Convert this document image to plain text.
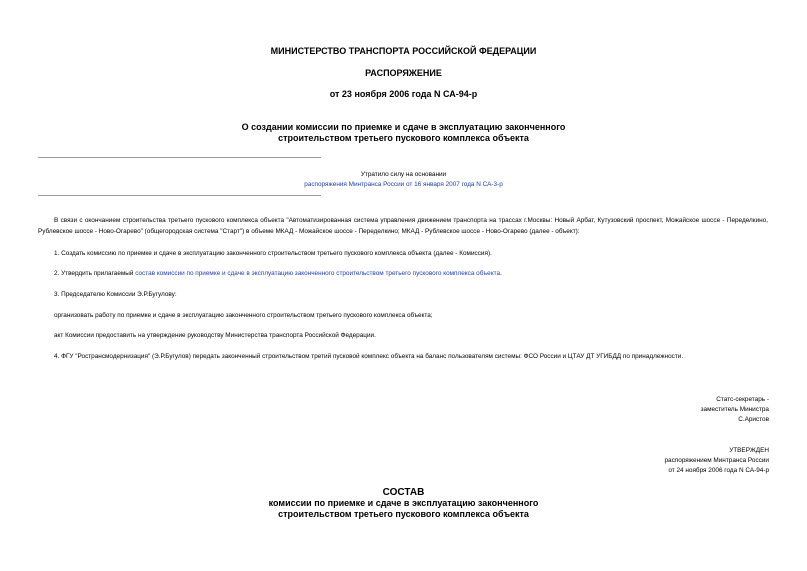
МИНИСТЕРСТВО ТРАНСПОРТА РОССИЙСКОЙ ФЕДЕРАЦИИ
РАСПОРЯЖЕНИЕ
от 23 ноября 2006 года N СА-94-р
О создании комиссии по приемке и сдаче в эксплуатацию законченного
строительством третьего пускового комплекса объекта
Утратило силу на основании
распоряжения Минтранса России от 16 января 2007 года N СА-3-р
В связи с окончанием строительства третьего пускового комплекса объекта "Автоматизированная система управления движением транспорта на трассах г.Москвы: Новый Арбат, Кутузовский проспект, Можайское шоссе - Переделкино, Рублевское шоссе - Ново-Огарево" (общегородская система "Старт") в объеме МКАД - Можайское шоссе - Переделкино; МКАД - Рублевское шоссе - Ново-Огарево (далее - объект):
1. Создать комиссию по приемке и сдаче в эксплуатацию законченного строительством третьего пускового комплекса объекта (далее - Комиссия).
2. Утвердить прилагаемый состав комиссии по приемке и сдаче в эксплуатацию законченного строительством третьего пускового комплекса объекта.
3. Председателю Комиссии Э.Р.Бугулову:
организовать работу по приемке и сдаче в эксплуатацию законченного строительством третьего пускового комплекса объекта;
акт Комиссии предоставить на утверждение руководству Министерства транспорта Российской Федерации.
4. ФГУ "Ространсмодернизация" (Э.Р.Бугулов) передать законченный строительством третий пусковой комплекс объекта на баланс пользователям системы: ФСО России и ЦТАУ ДТ УГИБДД по принадлежности.
Статс-секретарь -
заместитель Министра
С.Аристов
УТВЕРЖДЕН
распоряжением Минтранса России
от 24 ноября 2006 года N СА-94-р
СОСТАВ
комиссии по приемке и сдаче в эксплуатацию законченного
строительством третьего пускового комплекса объекта
